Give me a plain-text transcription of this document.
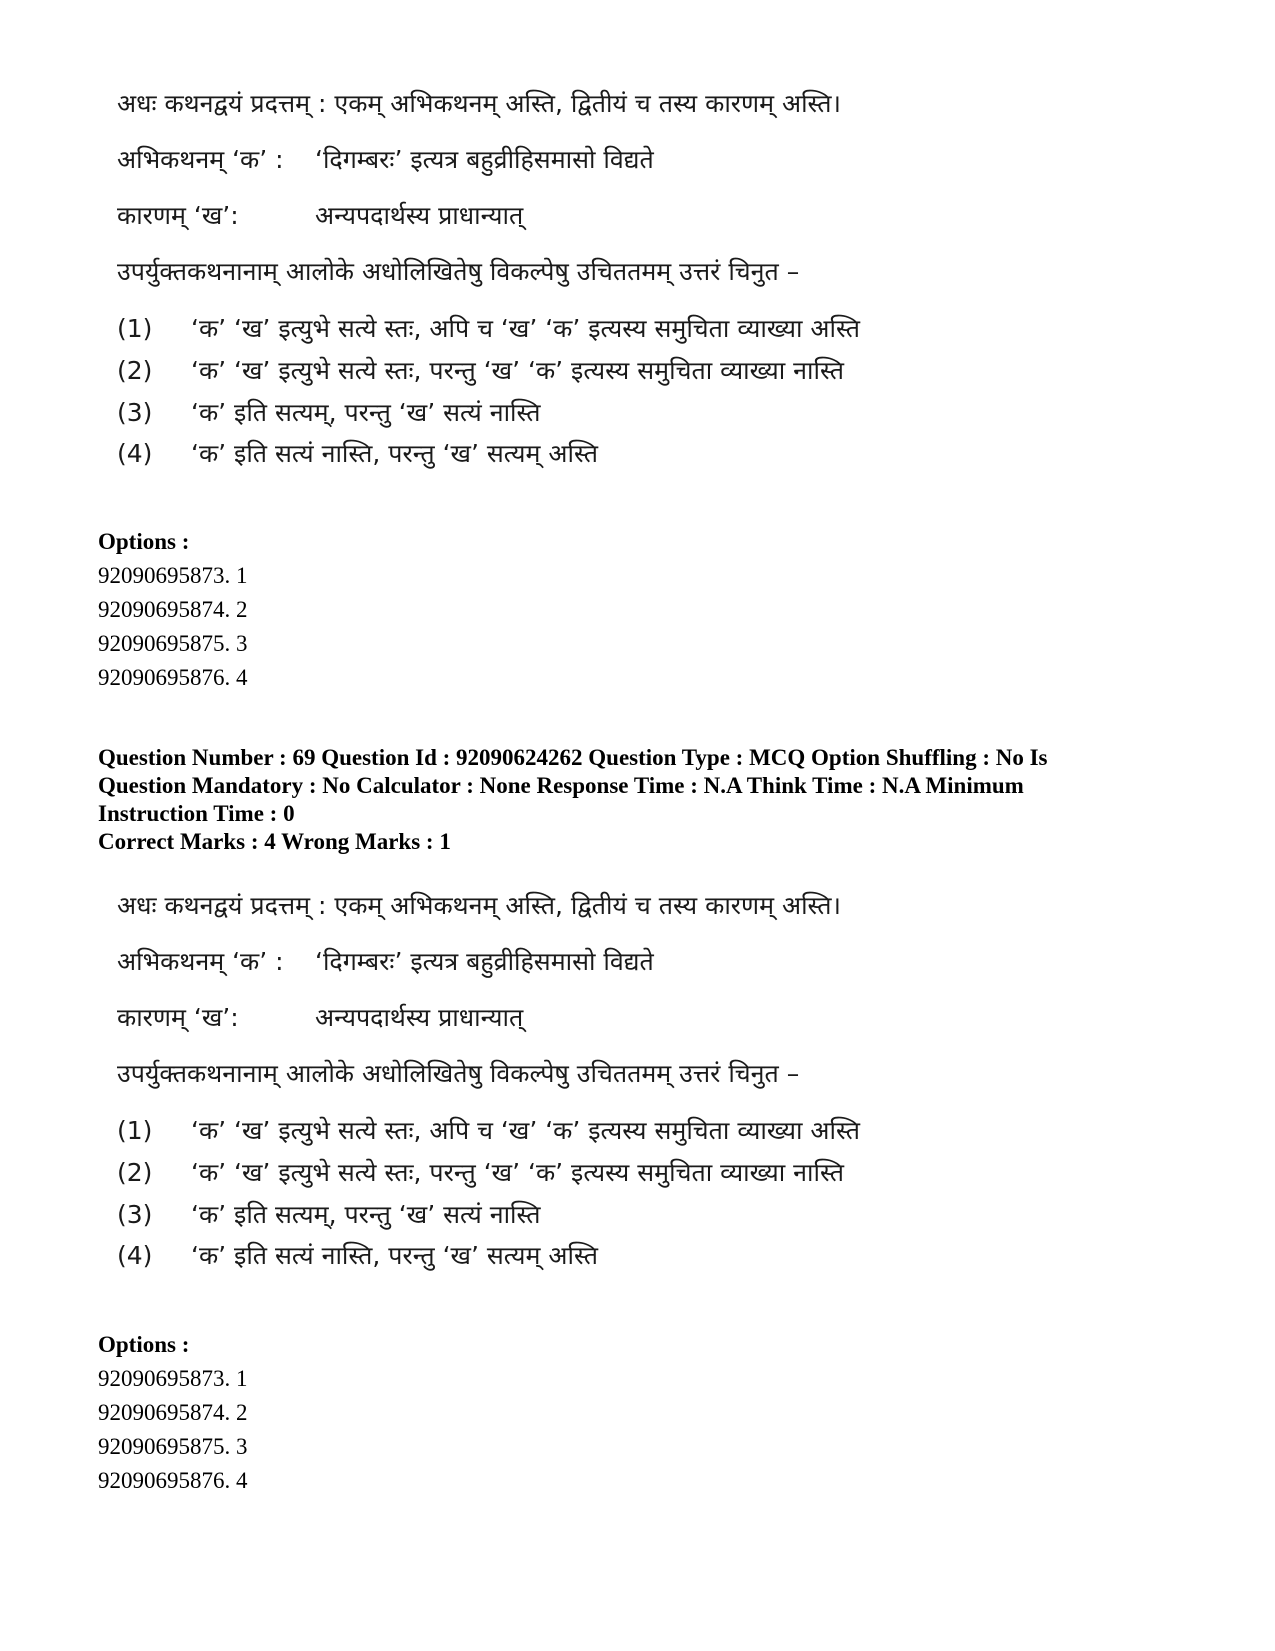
अधः कथनद्वयं प्रदत्तम् : एकम् अभिकथनम् अस्ति, द्वितीयं च तस्य कारणम् अस्ति।
अभिकथनम् ‘क’ : ‘दिगम्बरः’ इत्यत्र बहुव्रीहिसमासो विद्यते
कारणम् ‘ख’:	अन्यपदार्थस्य प्राधान्यात्
उपर्युक्तकथनानाम् आलोके अधोलिखितेषु विकल्पेषु उचिततमम् उत्तरं चिनुत –
(1) ‘क’ ‘ख’ इत्युभे सत्ये स्तः, अपि च ‘ख’ ‘क’ इत्यस्य समुचिता व्याख्या अस्ति
(2) ‘क’ ‘ख’ इत्युभे सत्ये स्तः, परन्तु ‘ख’ ‘क’ इत्यस्य समुचिता व्याख्या नास्ति
(3) ‘क’ इति सत्यम्, परन्तु ‘ख’ सत्यं नास्ति
(4) ‘क’ इति सत्यं नास्ति, परन्तु ‘ख’ सत्यम् अस्ति
Options :
92090695873. 1
92090695874. 2
92090695875. 3
92090695876. 4
Question Number : 69 Question Id : 92090624262 Question Type : MCQ Option Shuffling : No Is
Question Mandatory : No Calculator : None Response Time : N.A Think Time : N.A Minimum
Instruction Time : 0
Correct Marks : 4 Wrong Marks : 1
अधः कथनद्वयं प्रदत्तम् : एकम् अभिकथनम् अस्ति, द्वितीयं च तस्य कारणम् अस्ति।
अभिकथनम् ‘क’ : ‘दिगम्बरः’ इत्यत्र बहुव्रीहिसमासो विद्यते
कारणम् ‘ख’:	अन्यपदार्थस्य प्राधान्यात्
उपर्युक्तकथनानाम् आलोके अधोलिखितेषु विकल्पेषु उचिततमम् उत्तरं चिनुत –
(1) ‘क’ ‘ख’ इत्युभे सत्ये स्तः, अपि च ‘ख’ ‘क’ इत्यस्य समुचिता व्याख्या अस्ति
(2) ‘क’ ‘ख’ इत्युभे सत्ये स्तः, परन्तु ‘ख’ ‘क’ इत्यस्य समुचिता व्याख्या नास्ति
(3) ‘क’ इति सत्यम्, परन्तु ‘ख’ सत्यं नास्ति
(4) ‘क’ इति सत्यं नास्ति, परन्तु ‘ख’ सत्यम् अस्ति
Options :
92090695873. 1
92090695874. 2
92090695875. 3
92090695876. 4
